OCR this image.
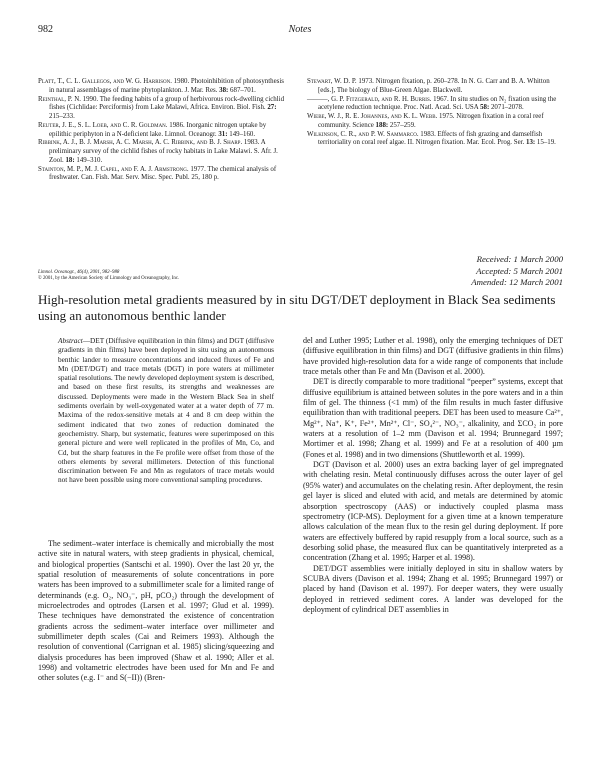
982	Notes
Platt, T., C. L. Gallegos, and W. G. Harrison. 1980. Photoinhibition of photosynthesis in natural assemblages of marine phytoplankton. J. Mar. Res. 38: 687–701.
Reinthal, P. N. 1990. The feeding habits of a group of herbivorous rock-dwelling cichlid fishes (Cichlidae: Perciformis) from Lake Malawi, Africa. Environ. Biol. Fish. 27: 215–233.
Reuter, J. E., S. L. Loeb, and C. R. Goldman. 1986. Inorganic nitrogen uptake by epilithic periphyton in a N-deficient lake. Limnol. Oceanogr. 31: 149–160.
Ribbink, A. J., B. J. Marsh, A. C. Marsh, A. C. Ribbink, and B. J. Sharp. 1983. A preliminary survey of the cichlid fishes of rocky habitats in Lake Malawi. S. Afr. J. Zool. 18: 149–310.
Stainton, M. P., M. J. Capel, and F. A. J. Armstrong. 1977. The chemical analysis of freshwater. Can. Fish. Mar. Serv. Misc. Spec. Publ. 25, 180 p.
Stewart, W. D. P. 1973. Nitrogen fixation, p. 260–278. In N. G. Carr and B. A. Whitton [eds.], The biology of Blue-Green Algae. Blackwell.
———, G. P. Fitzgerald, and R. H. Burris. 1967. In situ studies on N₂ fixation using the acetylene reduction technique. Proc. Natl. Acad. Sci. USA 58: 2071–2078.
Wiebe, W. J., R. E. Johannes, and K. L. Webb. 1975. Nitrogen fixation in a coral reef community. Science 188: 257–259.
Wilkinson, C. R., and P. W. Sammarco. 1983. Effects of fish grazing and damselfish territoriality on coral reef algae. II. Nitrogen fixation. Mar. Ecol. Prog. Ser. 13: 15–19.
Received: 1 March 2000
Accepted: 5 March 2001
Amended: 12 March 2001
Limnol. Oceanogr., 46(4), 2001, 982–988
© 2001, by the American Society of Limnology and Oceanography, Inc.
High-resolution metal gradients measured by in situ DGT/DET deployment in Black Sea sediments using an autonomous benthic lander
Abstract—DET (Diffusive equilibration in thin films) and DGT (diffusive gradients in thin films) have been deployed in situ using an autonomous benthic lander to measure concentrations and induced fluxes of Fe and Mn (DET/DGT) and trace metals (DGT) in pore waters at millimeter spatial resolutions. The newly developed deployment system is described, and based on these first results, its strengths and weaknesses are discussed. Deployments were made in the Western Black Sea in shelf sediments overlain by well-oxygenated water at a water depth of 77 m. Maxima of the redox-sensitive metals at 4 and 8 cm deep within the sediment indicated that two zones of reduction dominated the geochemistry. Sharp, but systematic, features were superimposed on this general picture and were well replicated in the profiles of Mn, Co, and Cd, but the sharp features in the Fe profile were offset from those of the others elements by several millimeters. Detection of this functional discrimination between Fe and Mn as regulators of trace metals would not have been possible using more conventional sampling procedures.

The sediment–water interface is chemically and microbially the most active site in natural waters, with steep gradients in physical, chemical, and biological properties (Santschi et al. 1990). Over the last 20 yr, the spatial resolution of measurements of solute concentrations in pore waters has been improved to a submillimeter scale for a limited range of determinands (e.g. O₂, NO₃⁻, pH, pCO₂) through the development of microelectrodes and optrodes (Larsen et al. 1997; Glud et al. 1999). These techniques have demonstrated the existence of concentration gradients across the sediment–water interface over millimeter and submillimeter depth scales (Cai and Reimers 1993). Although the resolution of conventional (Carrignan et al. 1985) slicing/squeezing and dialysis procedures has been improved (Shaw et al. 1990; Aller et al. 1998) and voltametric electrodes have been used for Mn and Fe and other solutes (e.g. I⁻ and S(−II)) (Bren-

del and Luther 1995; Luther et al. 1998), only the emerging techniques of DET (diffusive equilibration in thin films) and DGT (diffusive gradients in thin films) have provided high-resolution data for a wide range of components that include trace metals other than Fe and Mn (Davison et al. 2000).

DET is directly comparable to more traditional “peeper” systems, except that diffusive equilibrium is attained between solutes in the pore waters and in a thin film of gel. The thinness (<1 mm) of the film results in much faster diffusive equilibration than with traditional peepers. DET has been used to measure Ca²⁺, Mg²⁺, Na⁺, K⁺, Fe²⁺, Mn²⁺, Cl⁻, SO₄²⁻, NO₃⁻, alkalinity, and ΣCO₂ in pore waters at a resolution of 1–2 mm (Davison et al. 1994; Brunnegard 1997; Mortimer et al. 1998; Zhang et al. 1999) and Fe at a resolution of 400 µm (Fones et al. 1998) and in two dimensions (Shuttleworth et al. 1999).

DGT (Davison et al. 2000) uses an extra backing layer of gel impregnated with chelating resin. Metal continuously diffuses across the outer layer of gel (95% water) and accumulates on the chelating resin. After deployment, the resin gel layer is sliced and eluted with acid, and metals are determined by atomic absorption spectroscopy (AAS) or inductively coupled plasma mass spectrometry (ICP-MS). Deployment for a given time at a known temperature allows calculation of the mean flux to the resin gel during deployment. If pore waters are effectively buffered by rapid resupply from a local source, such as a desorbing solid phase, the measured flux can be quantitatively interpreted as a concentration (Zhang et al. 1995; Harper et al. 1998).

DET/DGT assemblies were initially deployed in situ in shallow waters by SCUBA divers (Davison et al. 1994; Zhang et al. 1995; Brunnegard 1997) or placed by hand (Davison et al. 1997). For deeper waters, they were usually deployed in retrieved sediment cores. A lander was developed for the deployment of cylindrical DET assemblies in
